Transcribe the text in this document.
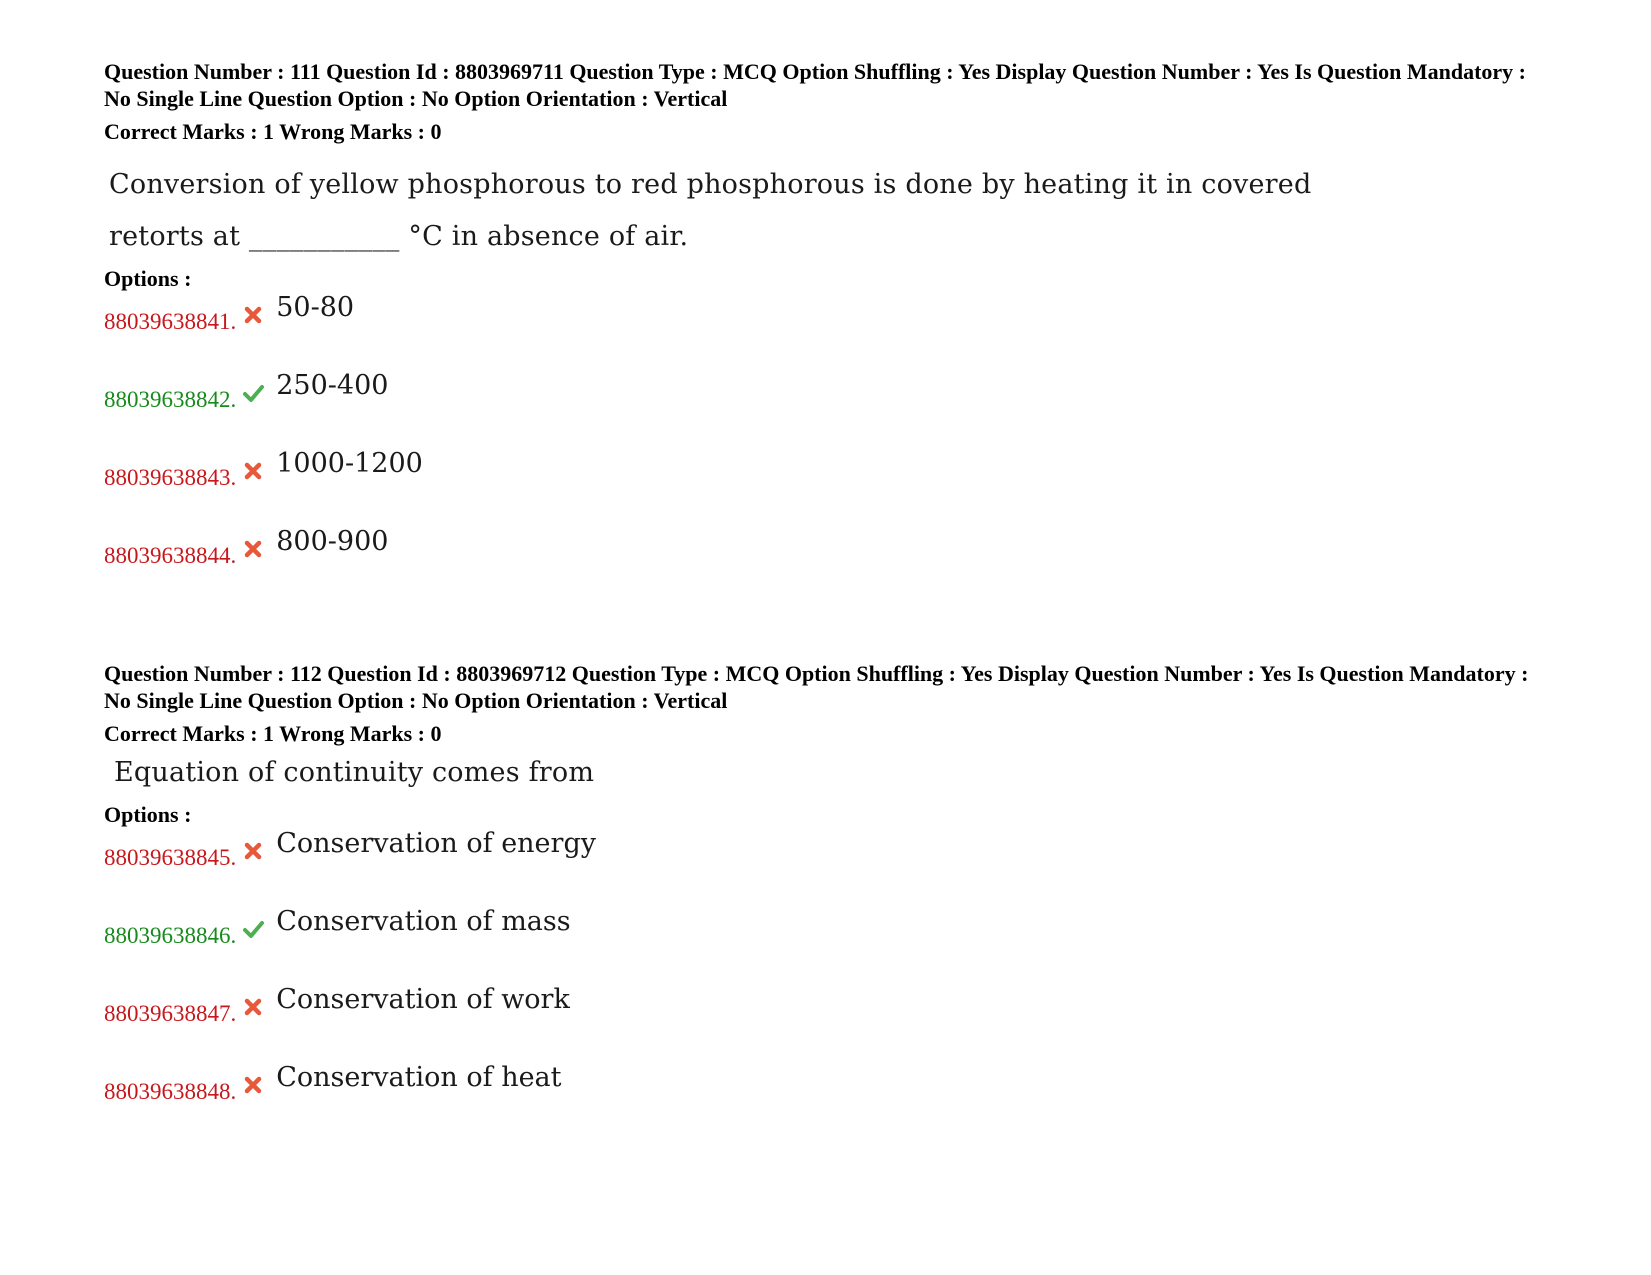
Question Number : 111 Question Id : 8803969711 Question Type : MCQ Option Shuffling : Yes Display Question Number : Yes Is Question Mandatory : No Single Line Question Option : No Option Orientation : Vertical
Correct Marks : 1 Wrong Marks : 0
Conversion of yellow phosphorous to red phosphorous is done by heating it in covered
retorts at ___________ °C in absence of air.
Options :
88039638841. 50-80
88039638842. 250-400
88039638843. 1000-1200
88039638844. 800-900
Question Number : 112 Question Id : 8803969712 Question Type : MCQ Option Shuffling : Yes Display Question Number : Yes Is Question Mandatory : No Single Line Question Option : No Option Orientation : Vertical
Correct Marks : 1 Wrong Marks : 0
Equation of continuity comes from
Options :
88039638845. Conservation of energy
88039638846. Conservation of mass
88039638847. Conservation of work
88039638848. Conservation of heat
